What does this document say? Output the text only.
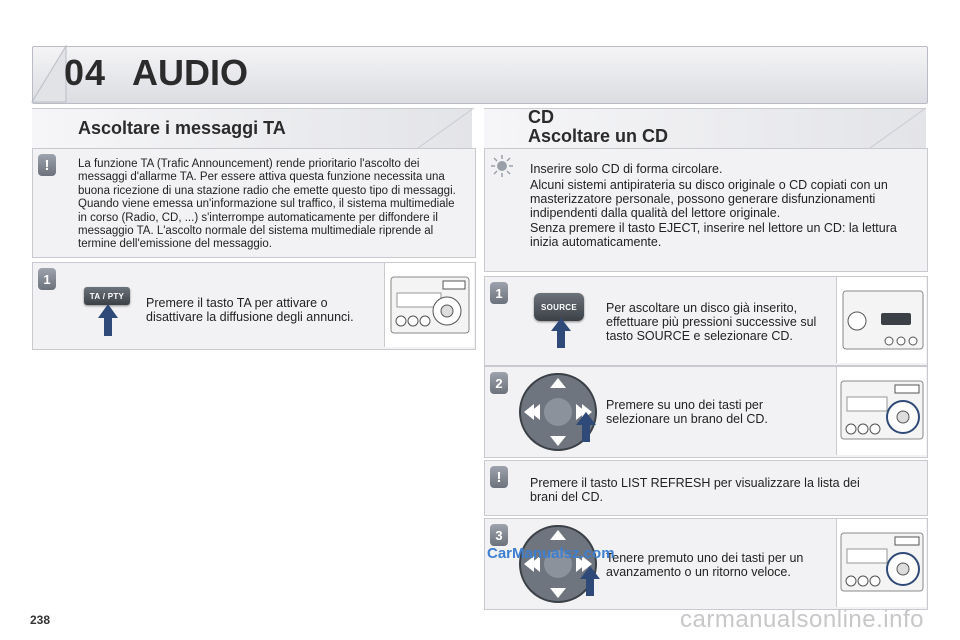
04 AUDIO
Ascoltare i messaggi TA
!	La funzione TA (Trafic Announcement) rende prioritario l'ascolto dei messaggi d'allarme TA. Per essere attiva questa funzione necessita una buona ricezione di una stazione radio che emette questo tipo di messaggi. Quando viene emessa un'informazione sul traffico, il sistema multimediale in corso (Radio, CD, ...) s'interrompe automaticamente per diffondere il messaggio TA. L'ascolto normale del sistema multimediale riprende al termine dell'emissione del messaggio.
1
TA / PTY	Premere il tasto TA per attivare o disattivare la diffusione degli annunci.
CD
Ascoltare un CD
Inserire solo CD di forma circolare.
Alcuni sistemi antipirateria su disco originale o CD copiati con un masterizzatore personale, possono generare disfunzionamenti indipendenti dalla qualità del lettore originale.
Senza premere il tasto EJECT, inserire nel lettore un CD: la lettura inizia automaticamente.
1
SOURCE	Per ascoltare un disco già inserito, effettuare più pressioni successive sul tasto SOURCE e selezionare CD.
2
Premere su uno dei tasti per selezionare un brano del CD.
!	Premere il tasto LIST REFRESH per visualizzare la lista dei brani del CD.
3
Tenere premuto uno dei tasti per un avanzamento o un ritorno veloce.
238
CarManualsz.com
carmanualsonline.info
